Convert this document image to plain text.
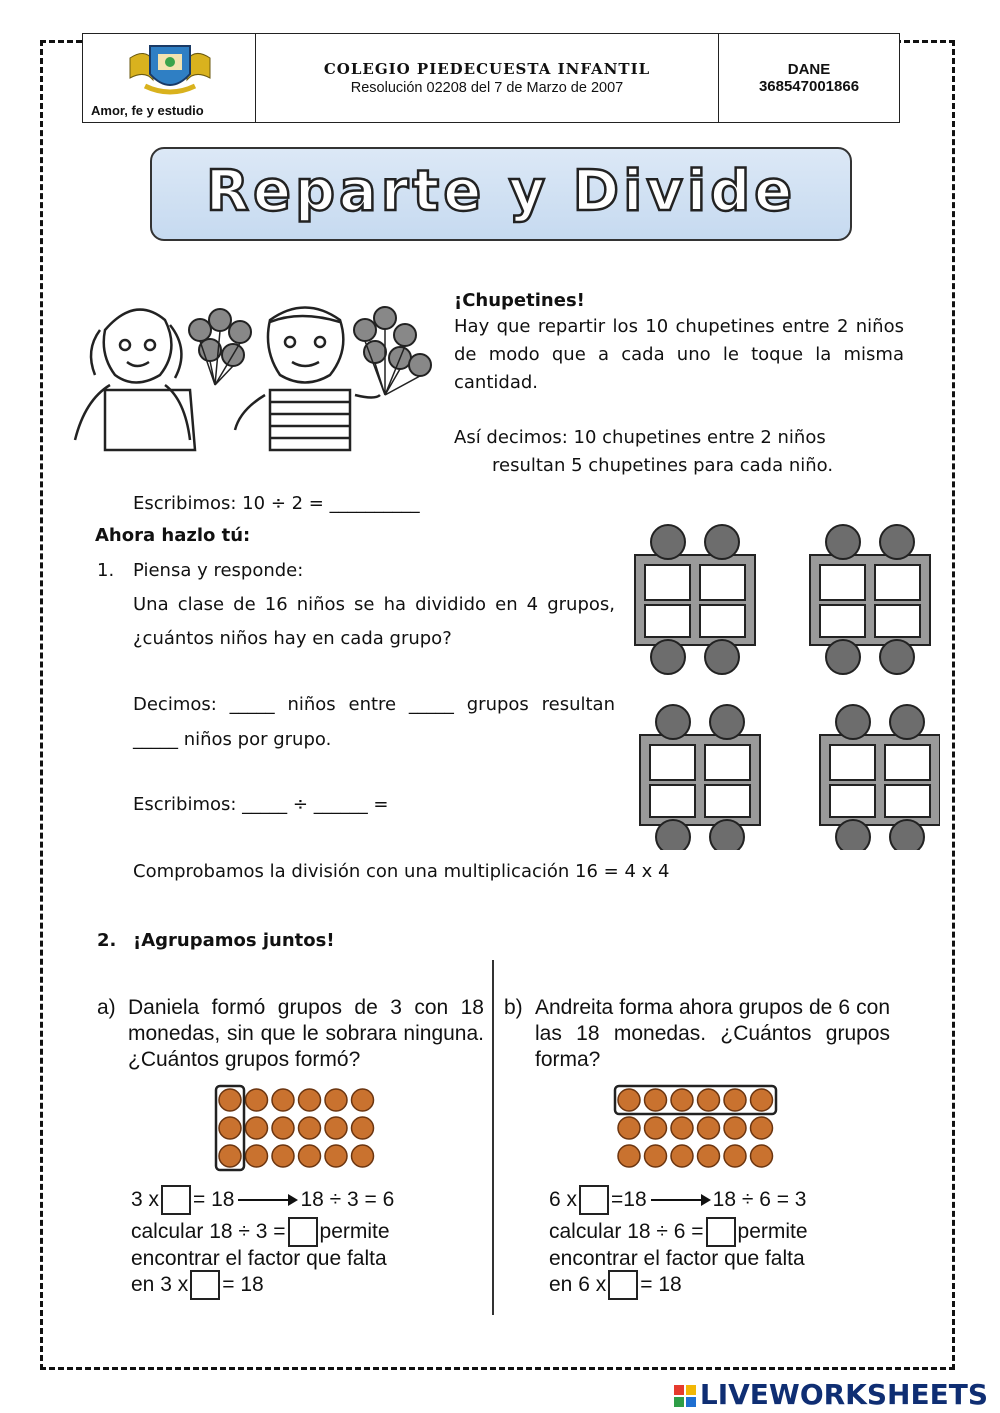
Amor, fe y estudio
COLEGIO PIEDECUESTA INFANTIL
Resolución 02208 del 7 de Marzo de 2007
DANE
368547001866
Reparte y Divide
¡Chupetines!
Hay que repartir los 10 chupetines entre 2 niños
de modo que a cada uno le toque la misma
cantidad.
Así decimos: 10 chupetines entre 2 niños
resultan 5 chupetines para cada niño.
Escribimos: 10 ÷ 2 = __________
Ahora hazlo tú:
1. Piensa y responde:
Una clase de 16 niños se ha dividido en 4 grupos,
¿cuántos niños hay en cada grupo?
Decimos: _____ niños entre _____ grupos resultan
_____ niños por grupo.
Escribimos: _____ ÷ ______ =
Comprobamos la división con una multiplicación 16 = 4 x 4
2. ¡Agrupamos juntos!
a) Daniela formó grupos de 3 con 18
monedas, sin que le sobrara ninguna.
¿Cuántos grupos formó?
3 x = 18	18 ÷ 3 = 6
calcular 18 ÷ 3 = permite
encontrar el factor que falta
en 3 x = 18
b) Andreita forma ahora grupos de 6 con
las 18 monedas. ¿Cuántos grupos
forma?
6 x =18	18 ÷ 6 = 3
calcular 18 ÷ 6 = permite
encontrar el factor que falta
en 6 x = 18
LIVEWORKSHEETS
